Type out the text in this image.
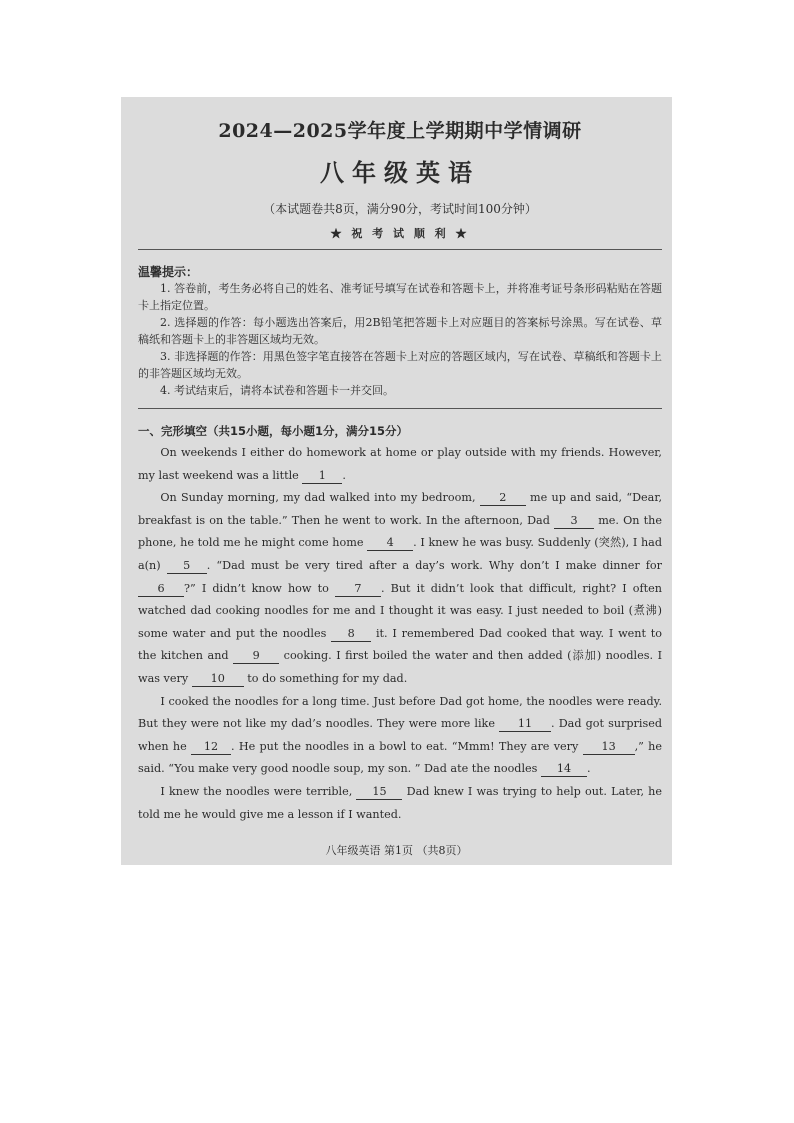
2024—2025学年度上学期期中学情调研
八年级英语
（本试题卷共8页，满分90分，考试时间100分钟）
★ 祝 考 试 顺 利 ★
温馨提示：
1. 答卷前，考生务必将自己的姓名、准考证号填写在试卷和答题卡上，并将准考证号条形码粘贴在答题卡上指定位置。
2. 选择题的作答：每小题选出答案后，用2B铅笔把答题卡上对应题目的答案标号涂黑。写在试卷、草稿纸和答题卡上的非答题区域均无效。
3. 非选择题的作答：用黑色签字笔直接答在答题卡上对应的答题区域内，写在试卷、草稿纸和答题卡上的非答题区域均无效。
4. 考试结束后，请将本试卷和答题卡一并交回。
一、完形填空（共15小题，每小题1分，满分15分）

On weekends I either do homework at home or play outside with my friends. However, my last weekend was a little 1 .

On Sunday morning, my dad walked into my bedroom, 2 me up and said, “Dear, breakfast is on the table.” Then he went to work. In the afternoon, Dad 3 me. On the phone, he told me he might come home 4 . I knew he was busy. Suddenly (突然), I had a(n) 5 . “Dad must be very tired after a day’s work. Why don’t I make dinner for 6 ?” I didn’t know how to 7 . But it didn’t look that difficult, right? I often watched dad cooking noodles for me and I thought it was easy. I just needed to boil (煮沸) some water and put the noodles 8 it. I remembered Dad cooked that way. I went to the kitchen and 9 cooking. I first boiled the water and then added (添加) noodles. I was very 10 to do something for my dad.

I cooked the noodles for a long time. Just before Dad got home, the noodles were ready. But they were not like my dad’s noodles. They were more like 11 . Dad got surprised when he 12 . He put the noodles in a bowl to eat. “Mmm! They are very 13 ,” he said. “You make very good noodle soup, my son. ” Dad ate the noodles 14 .

I knew the noodles were terrible, 15 Dad knew I was trying to help out. Later, he told me he would give me a lesson if I wanted.

八年级英语 第1页 （共8页）
